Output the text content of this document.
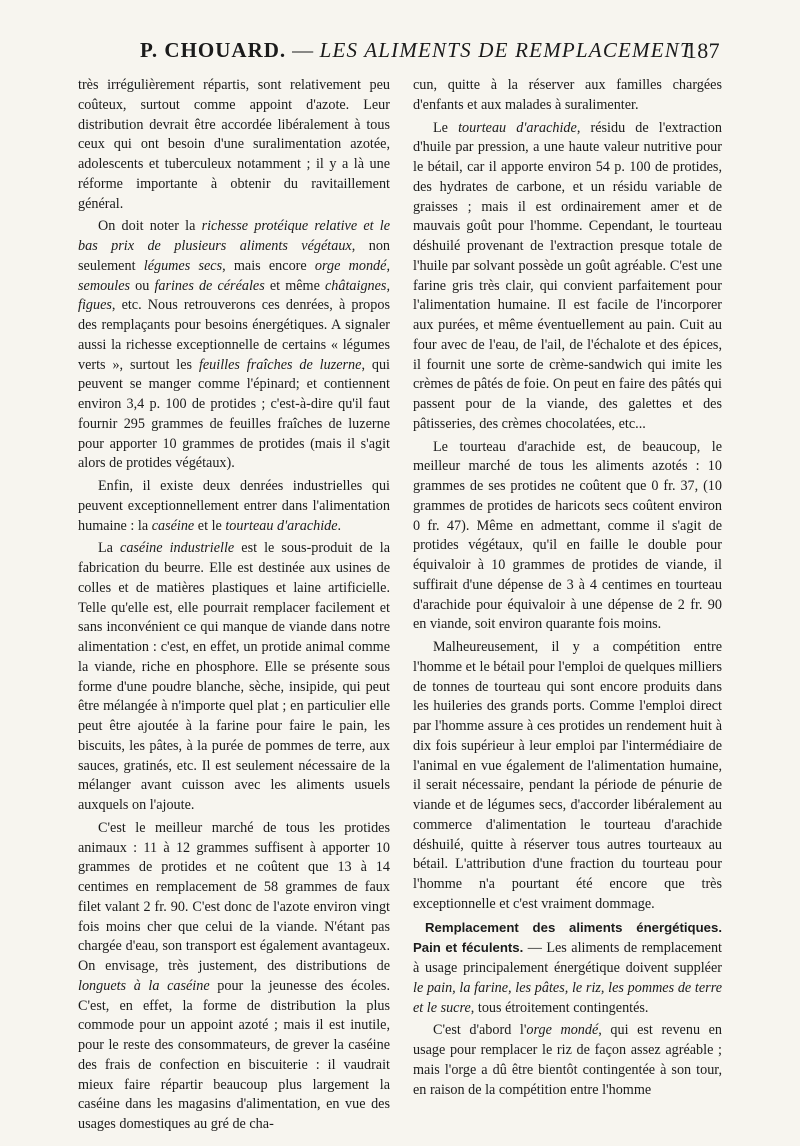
P. CHOUARD. — LES ALIMENTS DE REMPLACEMENT
187

très irrégulièrement répartis, sont relativement peu coûteux, surtout comme appoint d'azote. Leur distribution devrait être accordée libéralement à tous ceux qui ont besoin d'une suralimentation azotée, adolescents et tuberculeux notamment ; il y a là une réforme importante à obtenir du ravitaillement général.

On doit noter la richesse protéique relative et le bas prix de plusieurs aliments végétaux, non seulement légumes secs, mais encore orge mondé, semoules ou farines de céréales et même châtaignes, figues, etc. Nous retrouverons ces denrées, à propos des remplaçants pour besoins énergétiques. A signaler aussi la richesse exceptionnelle de certains « légumes verts », surtout les feuilles fraîches de luzerne, qui peuvent se manger comme l'épinard; et contiennent environ 3,4 p. 100 de protides ; c'est-à-dire qu'il faut fournir 295 grammes de feuilles fraîches de luzerne pour apporter 10 grammes de protides (mais il s'agit alors de protides végétaux).

Enfin, il existe deux denrées industrielles qui peuvent exceptionnellement entrer dans l'alimentation humaine : la caséine et le tourteau d'arachide.

La caséine industrielle est le sous-produit de la fabrication du beurre. Elle est destinée aux usines de colles et de matières plastiques et laine artificielle. Telle qu'elle est, elle pourrait remplacer facilement et sans inconvénient ce qui manque de viande dans notre alimentation : c'est, en effet, un protide animal comme la viande, riche en phosphore. Elle se présente sous forme d'une poudre blanche, sèche, insipide, qui peut être mélangée à n'importe quel plat ; en particulier elle peut être ajoutée à la farine pour faire le pain, les biscuits, les pâtes, à la purée de pommes de terre, aux sauces, gratinés, etc. Il est seulement nécessaire de la mélanger avant cuisson avec les aliments usuels auxquels on l'ajoute.

C'est le meilleur marché de tous les protides animaux : 11 à 12 grammes suffisent à apporter 10 grammes de protides et ne coûtent que 13 à 14 centimes en remplacement de 58 grammes de faux filet valant 2 fr. 90. C'est donc de l'azote environ vingt fois moins cher que celui de la viande. N'étant pas chargée d'eau, son transport est également avantageux. On envisage, très justement, des distributions de longuets à la caséine pour la jeunesse des écoles. C'est, en effet, la forme de distribution la plus commode pour un appoint azoté ; mais il est inutile, pour le reste des consommateurs, de grever la caséine des frais de confection en biscuiterie : il vaudrait mieux faire répartir beaucoup plus largement la caséine dans les magasins d'alimentation, en vue des usages domestiques au gré de cha-

cun, quitte à la réserver aux familles chargées d'enfants et aux malades à suralimenter.

Le tourteau d'arachide, résidu de l'extraction d'huile par pression, a une haute valeur nutritive pour le bétail, car il apporte environ 54 p. 100 de protides, des hydrates de carbone, et un résidu variable de graisses ; mais il est ordinairement amer et de mauvais goût pour l'homme. Cependant, le tourteau déshuilé provenant de l'extraction presque totale de l'huile par solvant possède un goût agréable. C'est une farine gris très clair, qui convient parfaitement pour l'alimentation humaine. Il est facile de l'incorporer aux purées, et même éventuellement au pain. Cuit au four avec de l'eau, de l'ail, de l'échalote et des épices, il fournit une sorte de crème-sandwich qui imite les crèmes de pâtés de foie. On peut en faire des pâtés qui passent pour de la viande, des galettes et des pâtisseries, des crèmes chocolatées, etc...

Le tourteau d'arachide est, de beaucoup, le meilleur marché de tous les aliments azotés : 10 grammes de ses protides ne coûtent que 0 fr. 37, (10 grammes de protides de haricots secs coûtent environ 0 fr. 47). Même en admettant, comme il s'agit de protides végétaux, qu'il en faille le double pour équivaloir à 10 grammes de protides de viande, il suffirait d'une dépense de 3 à 4 centimes en tourteau d'arachide pour équivaloir à une dépense de 2 fr. 90 en viande, soit environ quarante fois moins.

Malheureusement, il y a compétition entre l'homme et le bétail pour l'emploi de quelques milliers de tonnes de tourteau qui sont encore produits dans les huileries des grands ports. Comme l'emploi direct par l'homme assure à ces protides un rendement huit à dix fois supérieur à leur emploi par l'intermédiaire de l'animal en vue également de l'alimentation humaine, il serait nécessaire, pendant la période de pénurie de viande et de légumes secs, d'accorder libéralement au commerce d'alimentation le tourteau d'arachide déshuilé, quitte à réserver tous autres tourteaux au bétail. L'attribution d'une fraction du tourteau pour l'homme n'a pourtant été encore que très exceptionnelle et c'est vraiment dommage.

Remplacement des aliments énergétiques. Pain et féculents. — Les aliments de remplacement à usage principalement énergétique doivent suppléer le pain, la farine, les pâtes, le riz, les pommes de terre et le sucre, tous étroitement contingentés.

C'est d'abord l'orge mondé, qui est revenu en usage pour remplacer le riz de façon assez agréable ; mais l'orge a dû être bientôt contingentée à son tour, en raison de la compétition entre l'homme
